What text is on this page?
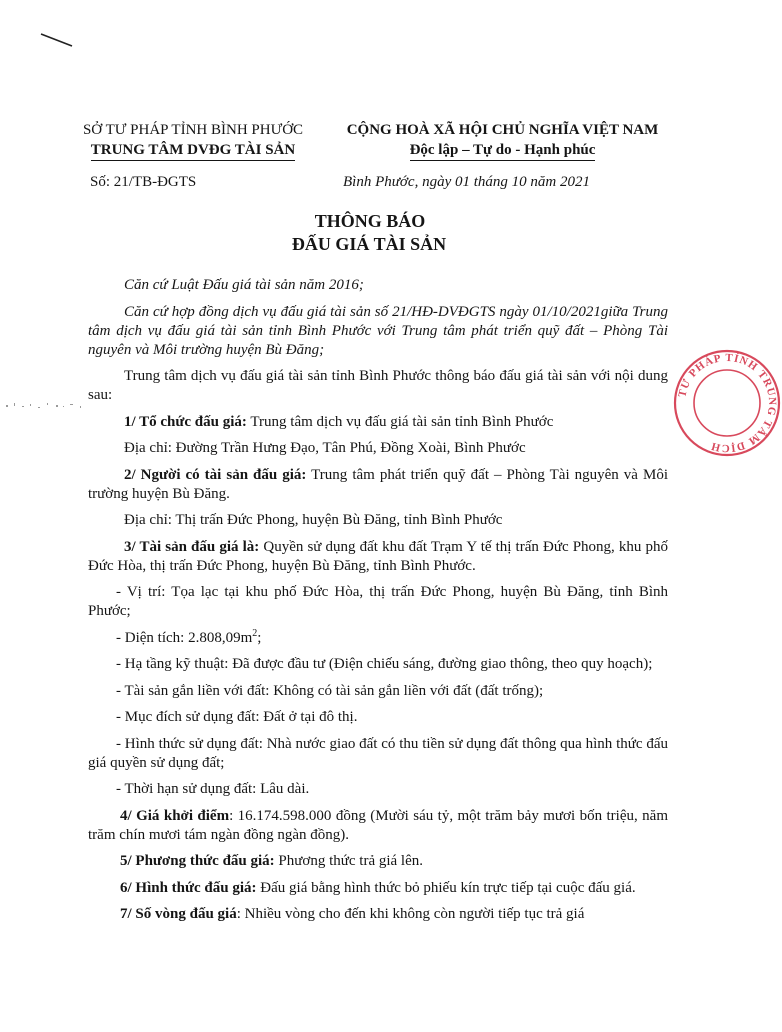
SỞ TƯ PHÁP TỈNH BÌNH PHƯỚC
TRUNG TÂM DVĐG TÀI SẢN
CỘNG HOÀ XÃ HỘI CHỦ NGHĨA VIỆT NAM
Độc lập – Tự do - Hạnh phúc
Số: 21/TB-ĐGTS	Bình Phước, ngày 01 tháng 10 năm 2021
THÔNG BÁO
ĐẤU GIÁ TÀI SẢN

Căn cứ Luật Đấu giá tài sản năm 2016;

Căn cứ hợp đồng dịch vụ đấu giá tài sản số 21/HĐ-DVĐGTS ngày 01/10/2021giữa Trung tâm dịch vụ đấu giá tài sản tỉnh Bình Phước với Trung tâm phát triển quỹ đất – Phòng Tài nguyên và Môi trường huyện Bù Đăng;

Trung tâm dịch vụ đấu giá tài sản tỉnh Bình Phước thông báo đấu giá tài sản với nội dung sau:

1/ Tổ chức đấu giá: Trung tâm dịch vụ đấu giá tài sản tỉnh Bình Phước

Địa chỉ: Đường Trần Hưng Đạo, Tân Phú, Đồng Xoài, Bình Phước

2/ Người có tài sản đấu giá: Trung tâm phát triển quỹ đất – Phòng Tài nguyên và Môi trường huyện Bù Đăng.

Địa chỉ: Thị trấn Đức Phong, huyện Bù Đăng, tỉnh Bình Phước

3/ Tài sản đấu giá là: Quyền sử dụng đất khu đất Trạm Y tế thị trấn Đức Phong, khu phố Đức Hòa, thị trấn Đức Phong, huyện Bù Đăng, tỉnh Bình Phước.

- Vị trí: Tọa lạc tại khu phố Đức Hòa, thị trấn Đức Phong, huyện Bù Đăng, tỉnh Bình Phước;

- Diện tích: $2.808,09m^2$;

- Hạ tầng kỹ thuật: Đã được đầu tư (Điện chiếu sáng, đường giao thông, theo quy hoạch);

- Tài sản gắn liền với đất: Không có tài sản gắn liền với đất (đất trống);

- Mục đích sử dụng đất: Đất ở tại đô thị.

- Hình thức sử dụng đất: Nhà nước giao đất có thu tiền sử dụng đất thông qua hình thức đấu giá quyền sử dụng đất;

- Thời hạn sử dụng đất: Lâu dài.

4/ Giá khởi điểm: 16.174.598.000 đồng (Mười sáu tỷ, một trăm bảy mươi bốn triệu, năm trăm chín mươi tám ngàn đồng ngàn đồng).

5/ Phương thức đấu giá: Phương thức trả giá lên.

6/ Hình thức đấu giá: Đấu giá bằng hình thức bỏ phiếu kín trực tiếp tại cuộc đấu giá.

7/ Số vòng đấu giá: Nhiều vòng cho đến khi không còn người tiếp tục trả giá

TƯ PHÁP TỈNH TRUNG TÂM DỊCH
